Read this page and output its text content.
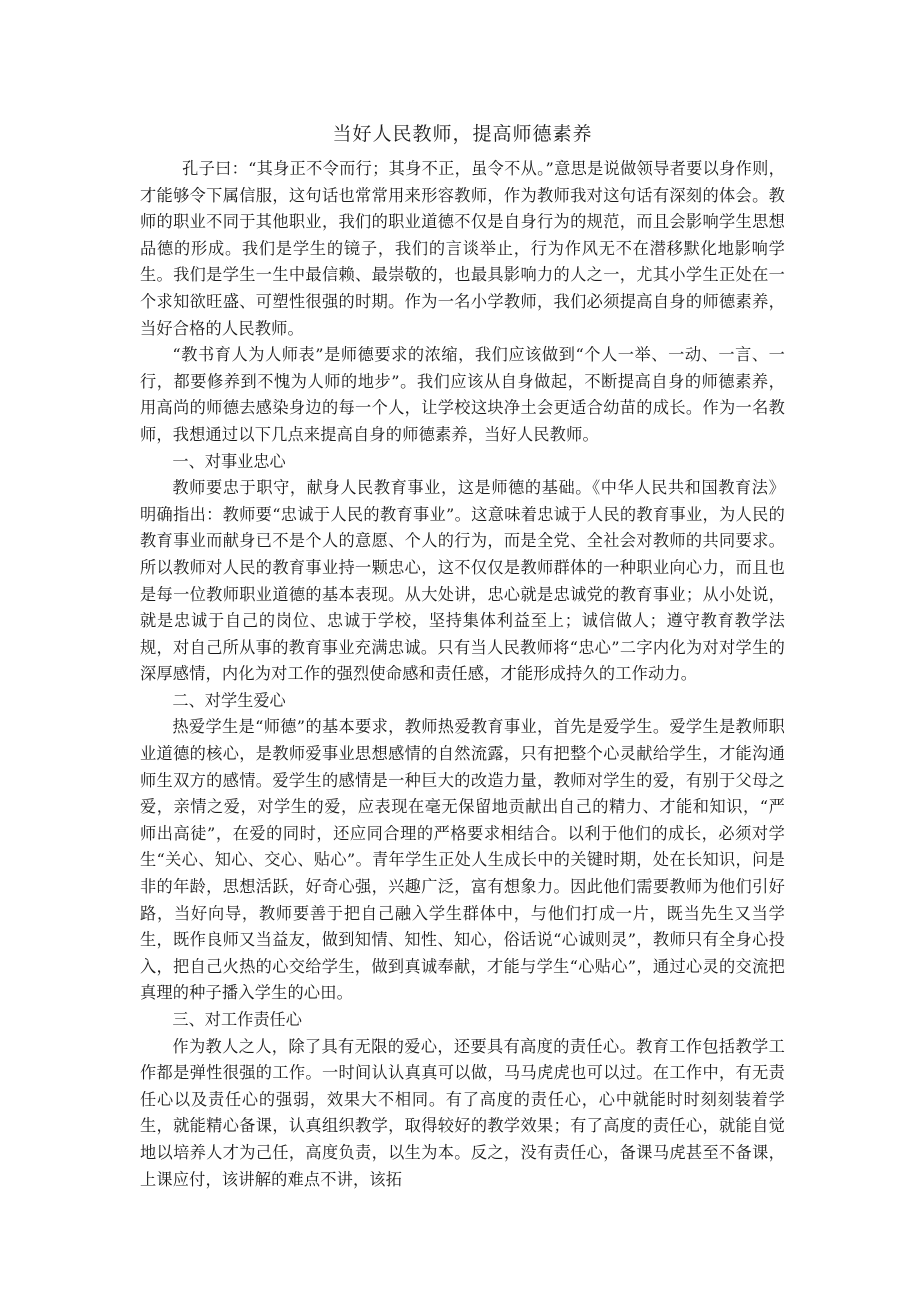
当好人民教师，提高师德素养

孔子曰：“其身正不令而行；其身不正，虽令不从。”意思是说做领导者要以身作则，才能够令下属信服，这句话也常常用来形容教师，作为教师我对这句话有深刻的体会。教师的职业不同于其他职业，我们的职业道德不仅是自身行为的规范，而且会影响学生思想品德的形成。我们是学生的镜子，我们的言谈举止，行为作风无不在潜移默化地影响学生。我们是学生一生中最信赖、最崇敬的，也最具影响力的人之一，尤其小学生正处在一个求知欲旺盛、可塑性很强的时期。作为一名小学教师，我们必须提高自身的师德素养，当好合格的人民教师。

“教书育人为人师表”是师德要求的浓缩，我们应该做到“个人一举、一动、一言、一行，都要修养到不愧为人师的地步”。我们应该从自身做起，不断提高自身的师德素养，用高尚的师德去感染身边的每一个人，让学校这块净土会更适合幼苗的成长。作为一名教师，我想通过以下几点来提高自身的师德素养，当好人民教师。

一、对事业忠心

教师要忠于职守，献身人民教育事业，这是师德的基础。《中华人民共和国教育法》明确指出：教师要“忠诚于人民的教育事业”。这意味着忠诚于人民的教育事业，为人民的教育事业而献身已不是个人的意愿、个人的行为，而是全党、全社会对教师的共同要求。所以教师对人民的教育事业持一颗忠心，这不仅仅是教师群体的一种职业向心力，而且也是每一位教师职业道德的基本表现。从大处讲，忠心就是忠诚党的教育事业；从小处说，就是忠诚于自己的岗位、忠诚于学校，坚持集体利益至上；诚信做人；遵守教育教学法规，对自己所从事的教育事业充满忠诚。只有当人民教师将“忠心”二字内化为对对学生的深厚感情，内化为对工作的强烈使命感和责任感，才能形成持久的工作动力。

二、对学生爱心

热爱学生是“师德”的基本要求，教师热爱教育事业，首先是爱学生。爱学生是教师职业道德的核心，是教师爱事业思想感情的自然流露，只有把整个心灵献给学生，才能沟通师生双方的感情。爱学生的感情是一种巨大的改造力量，教师对学生的爱，有别于父母之爱，亲情之爱，对学生的爱，应表现在毫无保留地贡献出自己的精力、才能和知识，“严师出高徒”，在爱的同时，还应同合理的严格要求相结合。以利于他们的成长，必须对学生“关心、知心、交心、贴心”。青年学生正处人生成长中的关键时期，处在长知识，问是非的年龄，思想活跃，好奇心强，兴趣广泛，富有想象力。因此他们需要教师为他们引好路，当好向导，教师要善于把自己融入学生群体中，与他们打成一片，既当先生又当学生，既作良师又当益友，做到知情、知性、知心，俗话说“心诚则灵”，教师只有全身心投入，把自己火热的心交给学生，做到真诚奉献，才能与学生“心贴心”，通过心灵的交流把真理的种子播入学生的心田。

三、对工作责任心

作为教人之人，除了具有无限的爱心，还要具有高度的责任心。教育工作包括教学工作都是弹性很强的工作。一时间认认真真可以做，马马虎虎也可以过。在工作中，有无责任心以及责任心的强弱，效果大不相同。有了高度的责任心，心中就能时时刻刻装着学生，就能精心备课，认真组织教学，取得较好的教学效果；有了高度的责任心，就能自觉地以培养人才为己任，高度负责，以生为本。反之，没有责任心，备课马虎甚至不备课，上课应付，该讲解的难点不讲，该拓
